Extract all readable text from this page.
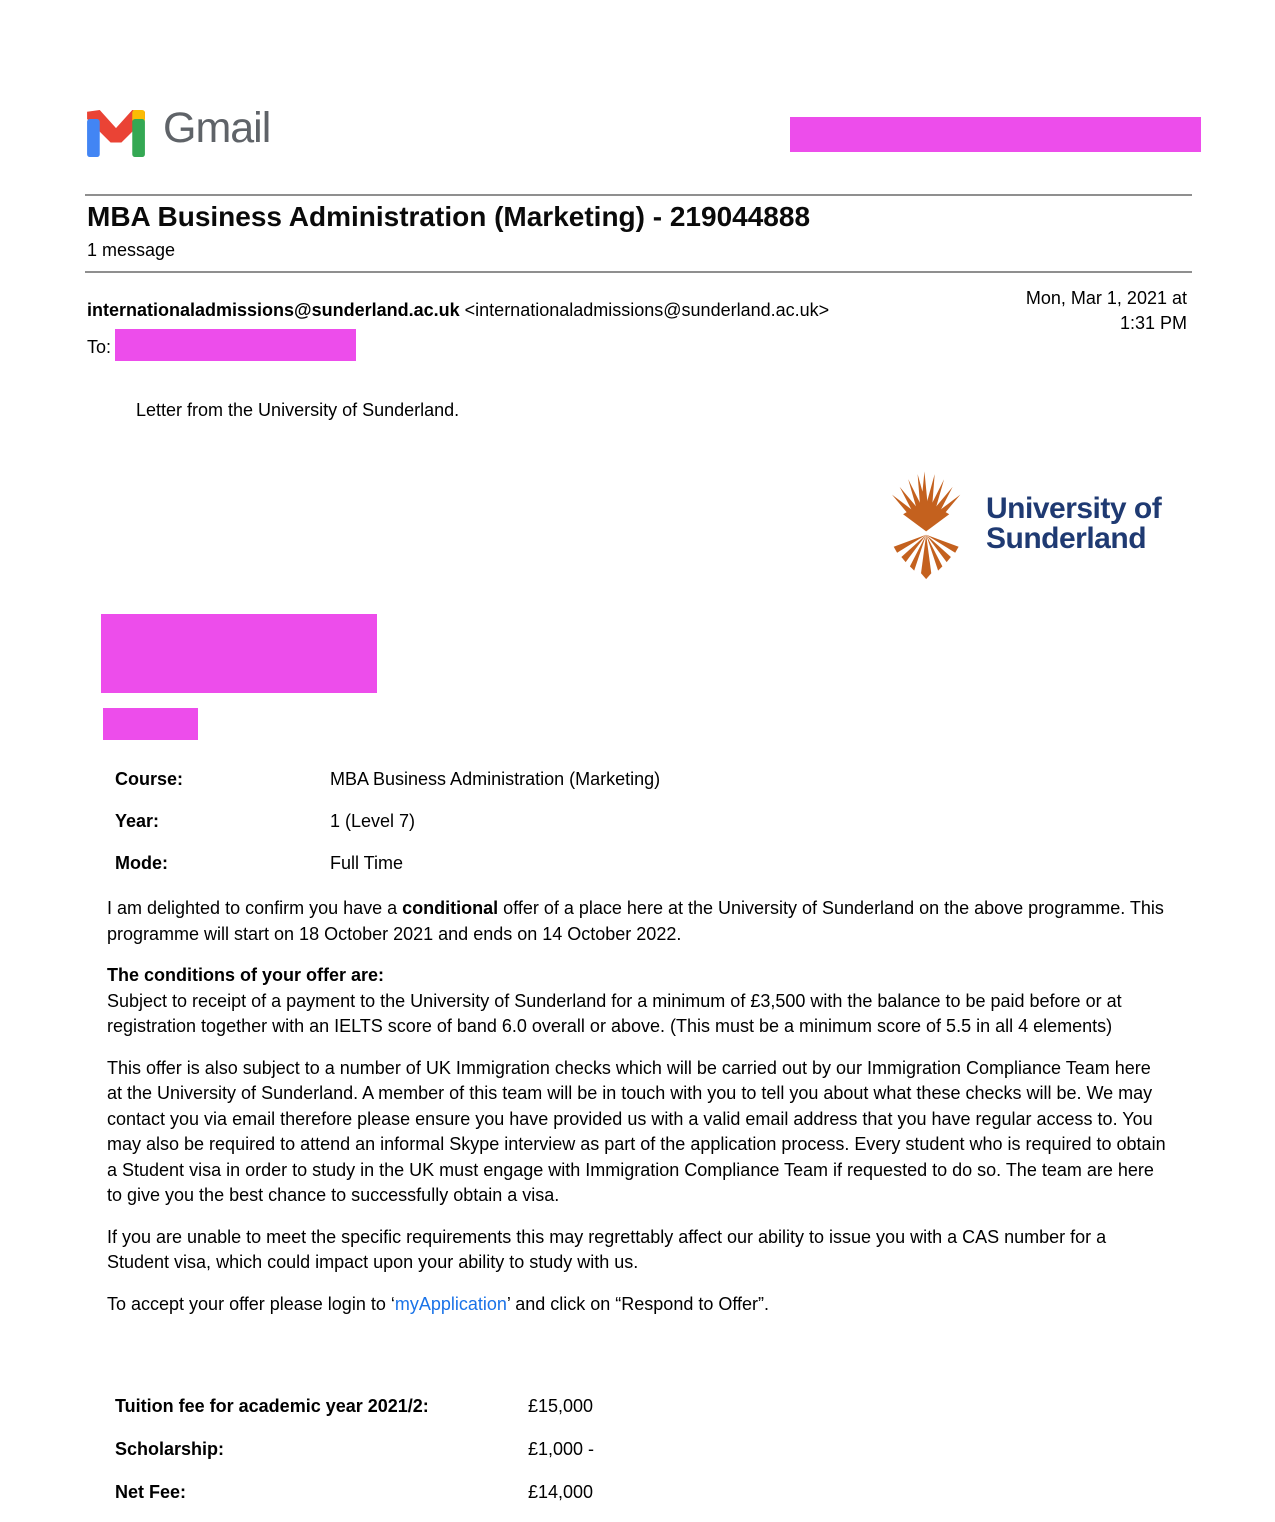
Gmail
MBA Business Administration (Marketing) - 219044888
1 message
internationaladmissions@sunderland.ac.uk <internationaladmissions@sunderland.ac.uk>
Mon, Mar 1, 2021 at
1:31 PM
To:
Letter from the University of Sunderland.
University of
Sunderland
Course:	MBA Business Administration (Marketing)
Year:	1 (Level 7)
Mode:	Full Time

I am delighted to confirm you have a conditional offer of a place here at the University of Sunderland on the above programme. This programme will start on 18 October 2021 and ends on 14 October 2022.

The conditions of your offer are:
Subject to receipt of a payment to the University of Sunderland for a minimum of £3,500 with the balance to be paid before or at registration together with an IELTS score of band 6.0 overall or above. (This must be a minimum score of 5.5 in all 4 elements)

This offer is also subject to a number of UK Immigration checks which will be carried out by our Immigration Compliance Team here at the University of Sunderland. A member of this team will be in touch with you to tell you about what these checks will be. We may contact you via email therefore please ensure you have provided us with a valid email address that you have regular access to. You may also be required to attend an informal Skype interview as part of the application process. Every student who is required to obtain a Student visa in order to study in the UK must engage with Immigration Compliance Team if requested to do so. The team are here to give you the best chance to successfully obtain a visa.

If you are unable to meet the specific requirements this may regrettably affect our ability to issue you with a CAS number for a Student visa, which could impact upon your ability to study with us.

To accept your offer please login to ‘myApplication’ and click on “Respond to Offer”.

Tuition fee for academic year 2021/2:	£15,000
Scholarship:	£1,000 -
Net Fee:	£14,000
